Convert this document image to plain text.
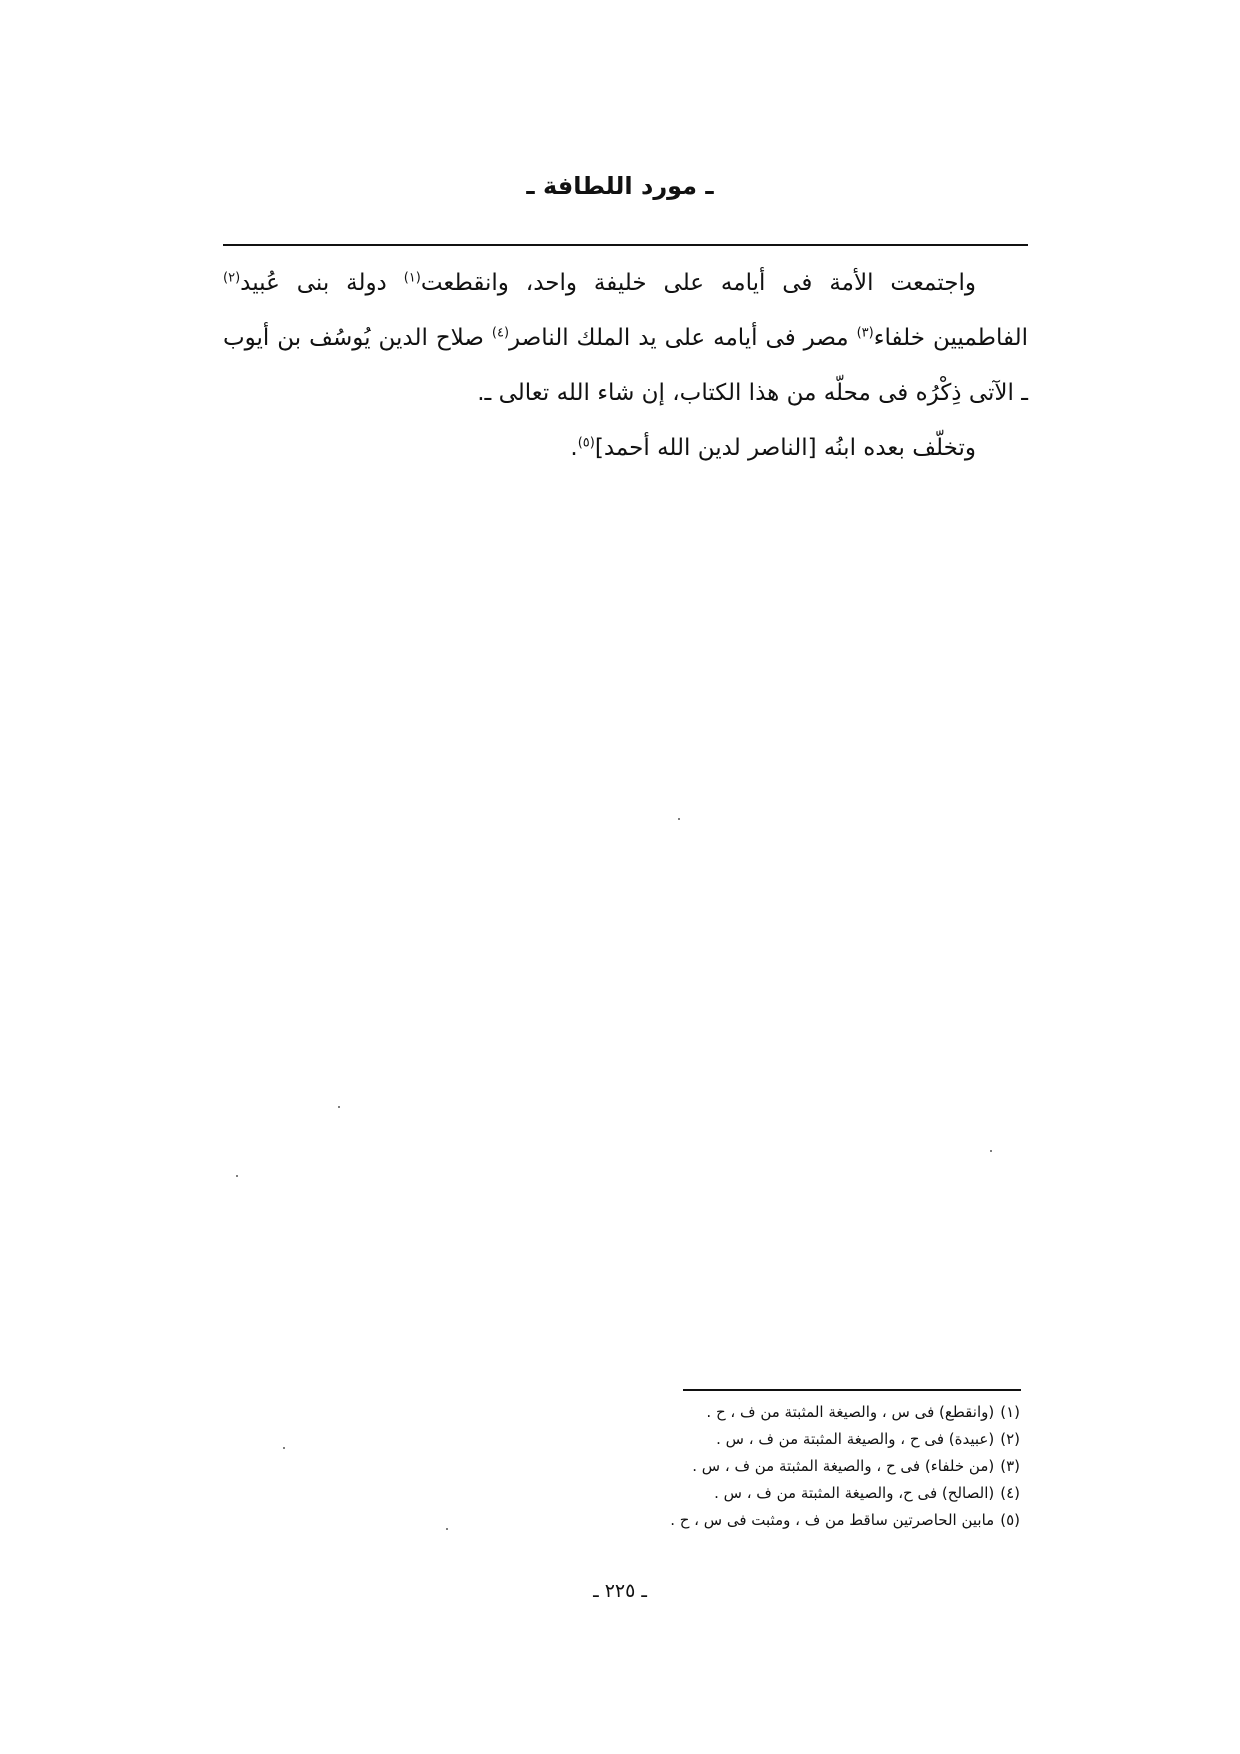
ـ مورد اللطافة ـ

واجتمعت الأمة فى أيامه على خليفة واحد، وانقطعت$^{(١)}$ دولة بنى عُبيد$^{(٢)}$ الفاطميين خلفاء$^{(٣)}$ مصر فى أيامه على يد الملك الناصر$^{(٤)}$ صلاح الدين يُوسُف بن أيوب ـ الآتى ذِكْرُه فى محلّه من هذا الكتاب، إن شاء الله تعالى ـ.

وتخلّف بعده ابنُه [الناصر لدين الله أحمد]$^{(٥)}$.

(١)(وانقطع) فى س ، والصيغة المثبتة من ف ، ح .
(٢)(عبيدة) فى ح ، والصيغة المثبتة من ف ، س .
(٣)(من خلفاء) فى ح ، والصيغة المثبتة من ف ، س .
(٤)(الصالح) فى ح، والصيغة المثبتة من ف ، س .
(٥)مابين الحاصرتين ساقط من ف ، ومثبت فى س ، ح .
ـ ٢٢٥ ـ
